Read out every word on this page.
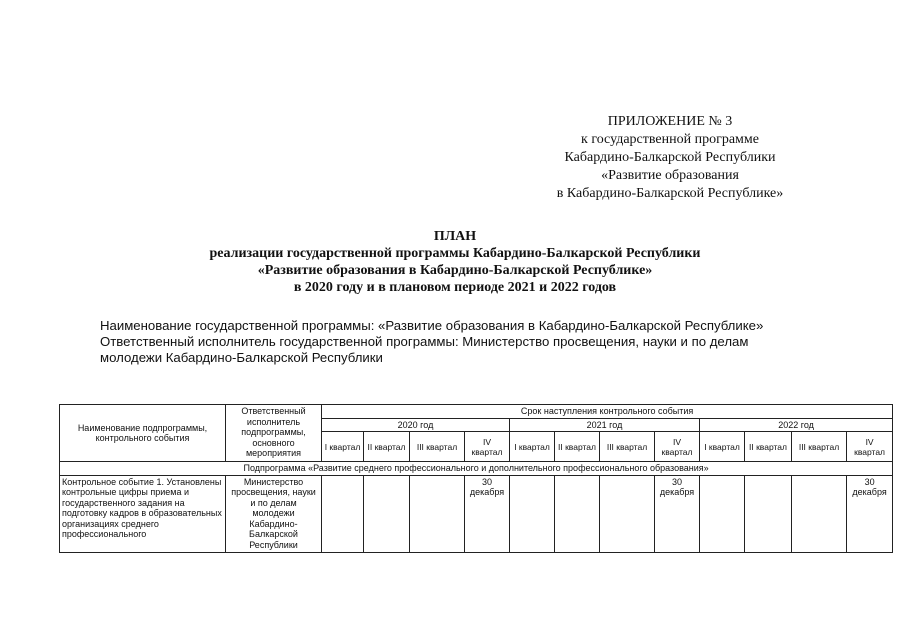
ПРИЛОЖЕНИЕ № 3
к государственной программе
Кабардино-Балкарской Республики
«Развитие образования
в Кабардино-Балкарской Республике»
ПЛАН
реализации государственной программы Кабардино-Балкарской Республики
«Развитие образования в Кабардино-Балкарской Республике»
в 2020 году и в плановом периоде 2021 и 2022 годов
Наименование государственной программы: «Развитие образования в Кабардино-Балкарской Республике»
Ответственный исполнитель государственной программы: Министерство просвещения, науки и по делам
молодежи Кабардино-Балкарской Республики
Наименование подпрограммы, контрольного события	Ответственный исполнитель подпрограммы, основного мероприятия	Срок наступления контрольного события											
		2020 год				2021 год				2022 год			
		I квартал	II квартал	III квартал	IV квартал	I квартал	II квартал	III квартал	IV квартал	I квартал	II квартал	III квартал	IV квартал
Подпрограмма «Развитие среднего профессионального и дополнительного профессионального образования»													
Контрольное событие 1. Установлены контрольные цифры приема и государственного задания на подготовку кадров в образовательных организациях среднего профессионального	Министерство просвещения, науки и по делам молодежи Кабардино-Балкарской Республики				30 декабря				30 декабря				30 декабря
